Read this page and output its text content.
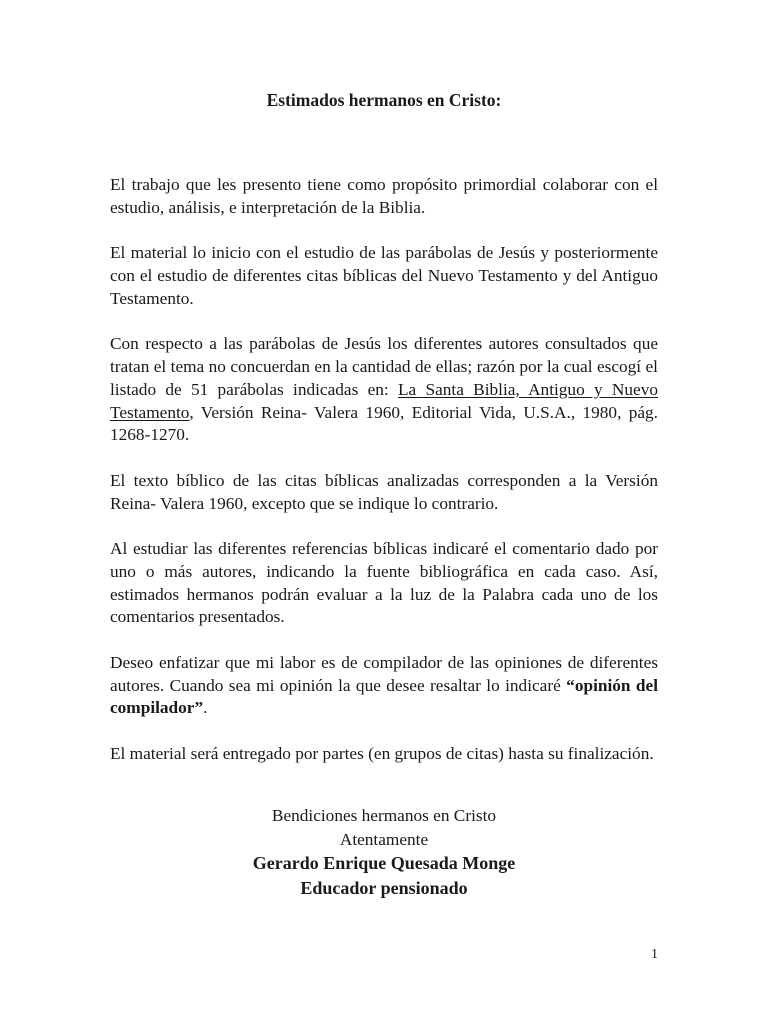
Estimados hermanos en Cristo:

El trabajo que les presento tiene como propósito primordial colaborar con el estudio, análisis, e interpretación de la Biblia.

El material lo inicio con el estudio de las parábolas de Jesús y posteriormente con el estudio de diferentes citas bíblicas del Nuevo Testamento y del Antiguo Testamento.

Con respecto a las parábolas de Jesús los diferentes autores consultados que tratan el tema no concuerdan en la cantidad de ellas; razón por la cual escogí el listado de 51 parábolas indicadas en: La Santa Biblia, Antiguo y Nuevo Testamento, Versión Reina- Valera 1960, Editorial Vida, U.S.A., 1980, pág. 1268-1270.

El texto bíblico de las citas bíblicas analizadas corresponden a la Versión Reina- Valera 1960, excepto que se indique lo contrario.

Al estudiar las diferentes referencias bíblicas indicaré el comentario dado por uno o más autores, indicando la fuente bibliográfica en cada caso. Así, estimados hermanos podrán evaluar a la luz de la Palabra cada uno de los comentarios presentados.

Deseo enfatizar que mi labor es de compilador de las opiniones de diferentes autores. Cuando sea mi opinión la que desee resaltar lo indicaré “opinión del compilador”.

El material será entregado por partes (en grupos de citas) hasta su finalización.

Bendiciones hermanos en Cristo
Atentamente
Gerardo Enrique Quesada Monge
Educador pensionado
1
